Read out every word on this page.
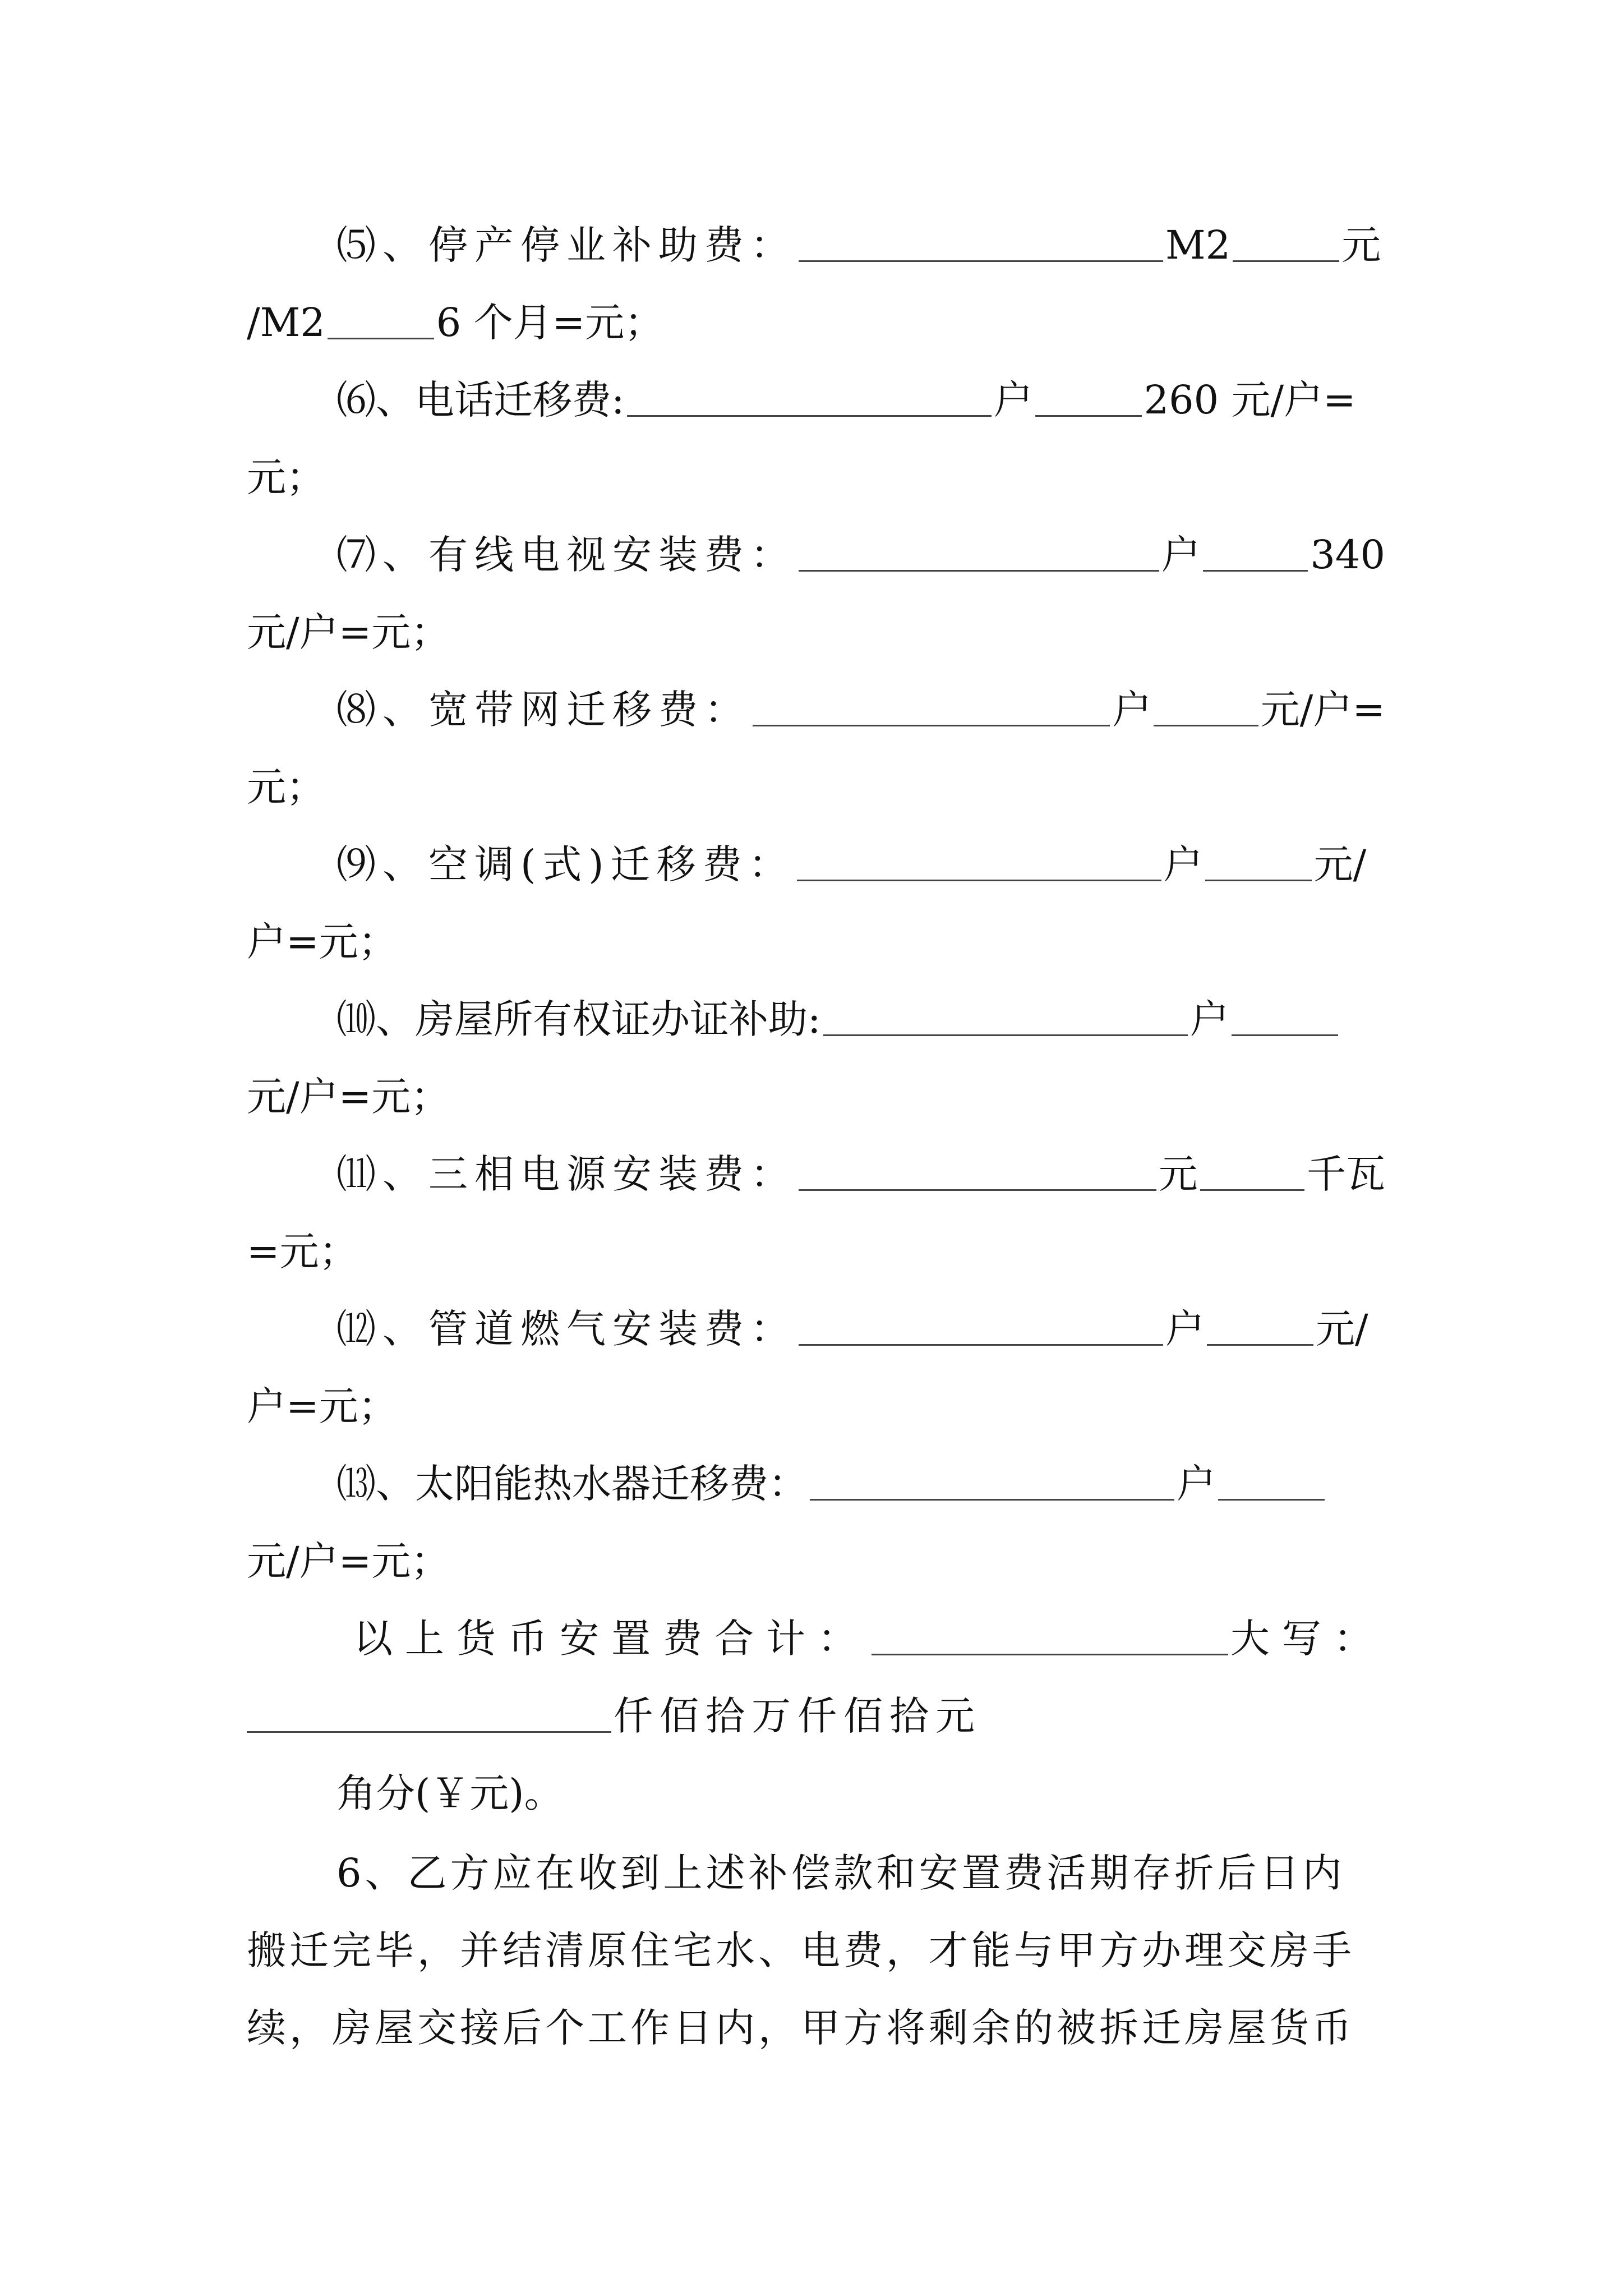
⑸、停产停业补助费：	M2	元
/M2	6 个月=元；
⑹、电话迁移费:	户	260 元/户=
元；
⑺、有线电视安装费：	户	340
元/户=元；
⑻、宽带网迁移费：	户	元/户=
元；
⑼、空调(式)迁移费：	户	元/
户=元；
⑽、房屋所有权证办证补助:	户
元/户=元；
⑾、三相电源安装费：	元	千瓦
=元；
⑿、管道燃气安装费：	户	元/
户=元；
⒀、太阳能热水器迁移费：	户
元/户=元；
以上货币安置费合计：	大写：
仟佰拾万仟佰拾元
角分(￥元)。
6、乙方应在收到上述补偿款和安置费活期存折后日内
搬迁完毕，并结清原住宅水、电费，才能与甲方办理交房手
续，房屋交接后个工作日内，甲方将剩余的被拆迁房屋货币
